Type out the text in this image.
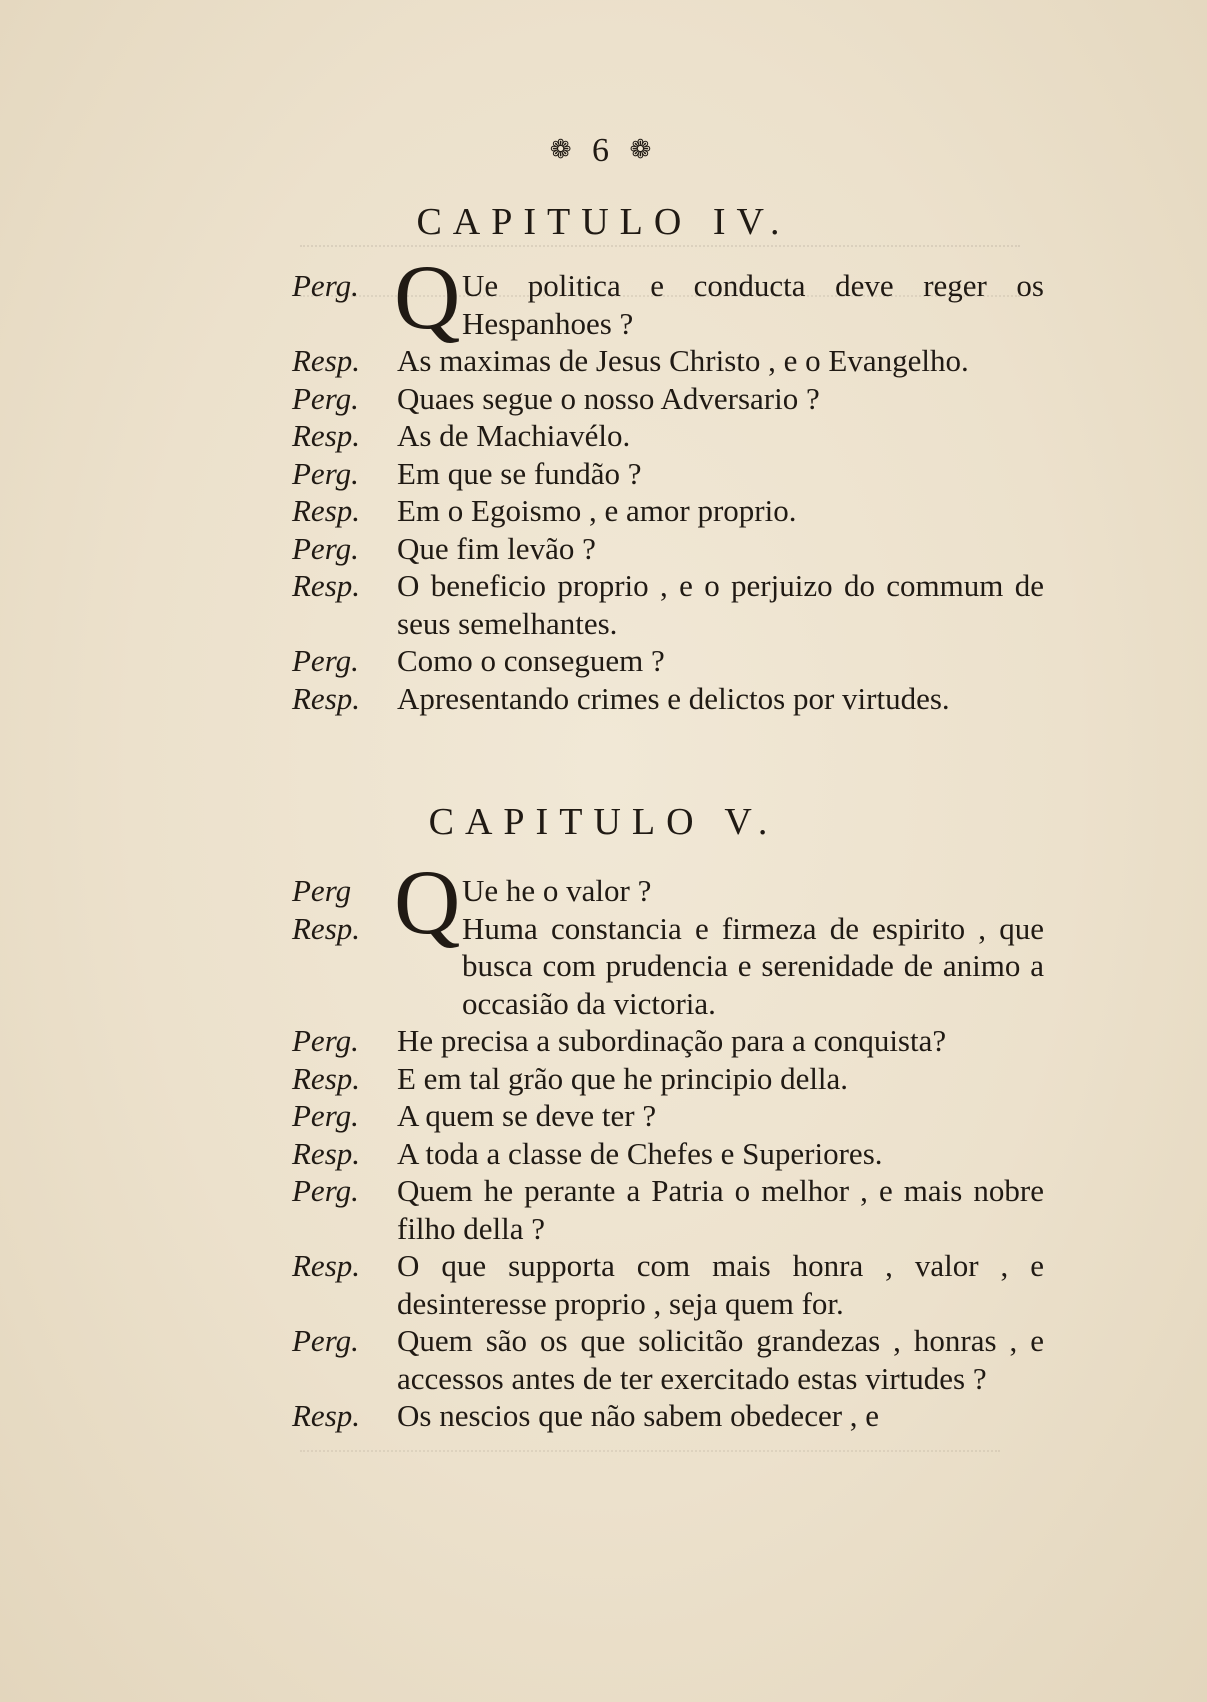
❁ 6 ❁
CAPITULO IV.
Perg. Q Ue politica e conducta deve reger os Hespanhoes ?
Resp. As maximas de Jesus Christo , e o Evangelho.
Perg. Quaes segue o nosso Adversario ?
Resp. As de Machiavélo.
Perg. Em que se fundão ?
Resp. Em o Egoismo , e amor proprio.
Perg. Que fim levão ?
Resp. O beneficio proprio , e o perjuizo do commum de seus semelhantes.
Perg. Como o conseguem ?
Resp. Apresentando crimes e delictos por virtudes.
CAPITULO V.
Perg Q Ue he o valor ?
Resp.	Huma constancia e firmeza de espirito , que busca com prudencia e serenidade de animo a occasião da victoria.
Perg. He precisa a subordinação para a conquista?
Resp. E em tal grão que he principio della.
Perg. A quem se deve ter ?
Resp. A toda a classe de Chefes e Superiores.
Perg. Quem he perante a Patria o melhor , e mais nobre filho della ?
Resp. O que supporta com mais honra , valor , e desinteresse proprio , seja quem for.
Perg. Quem são os que solicitão grandezas , honras , e accessos antes de ter exercitado estas virtudes ?
Resp. Os nescios que não sabem obedecer , e
